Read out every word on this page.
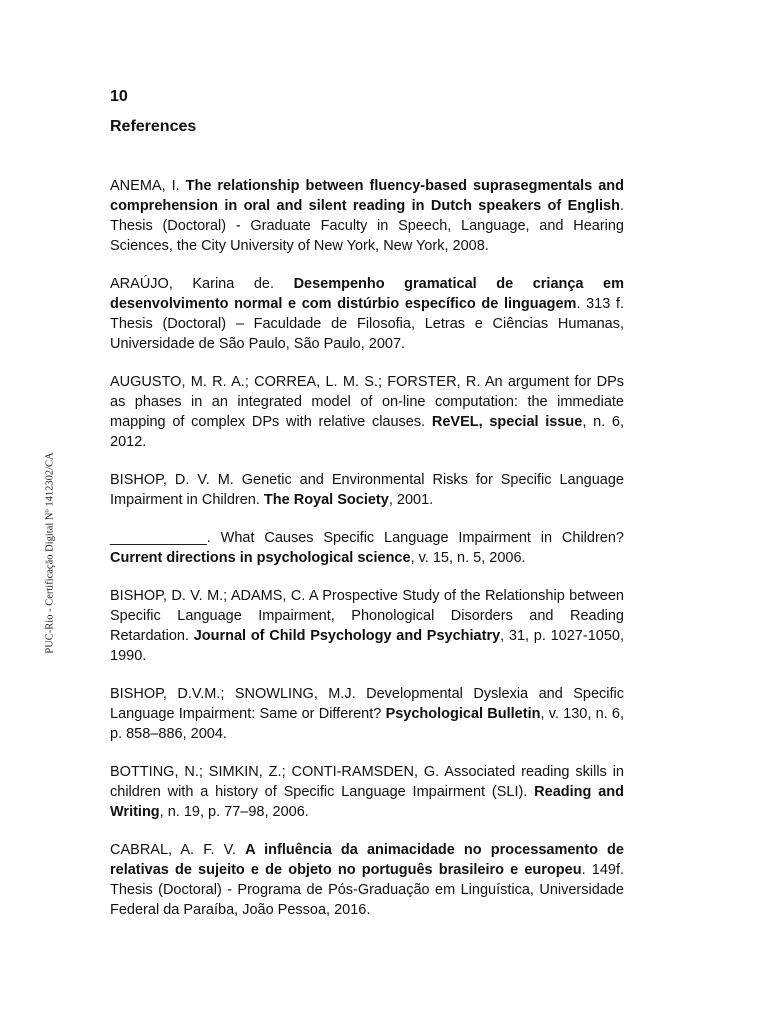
PUC-Rio - Certificação Digital Nº 1412302/CA
10
References

ANEMA, I. The relationship between fluency-based suprasegmentals and comprehension in oral and silent reading in Dutch speakers of English. Thesis (Doctoral) - Graduate Faculty in Speech, Language, and Hearing Sciences, the City University of New York, New York, 2008.

ARAÚJO, Karina de. Desempenho gramatical de criança em desenvolvimento normal e com distúrbio específico de linguagem. 313 f. Thesis (Doctoral) – Faculdade de Filosofia, Letras e Ciências Humanas, Universidade de São Paulo, São Paulo, 2007.

AUGUSTO, M. R. A.; CORREA, L. M. S.; FORSTER, R. An argument for DPs as phases in an integrated model of on-line computation: the immediate mapping of complex DPs with relative clauses. ReVEL, special issue, n. 6, 2012.

BISHOP, D. V. M. Genetic and Environmental Risks for Specific Language Impairment in Children. The Royal Society, 2001.

____________. What Causes Specific Language Impairment in Children? Current directions in psychological science, v. 15, n. 5, 2006.

BISHOP, D. V. M.; ADAMS, C. A Prospective Study of the Relationship between Specific Language Impairment, Phonological Disorders and Reading Retardation. Journal of Child Psychology and Psychiatry, 31, p. 1027-1050, 1990.

BISHOP, D.V.M.; SNOWLING, M.J. Developmental Dyslexia and Specific Language Impairment: Same or Different? Psychological Bulletin, v. 130, n. 6, p. 858–886, 2004.

BOTTING, N.; SIMKIN, Z.; CONTI-RAMSDEN, G. Associated reading skills in children with a history of Specific Language Impairment (SLI). Reading and Writing, n. 19, p. 77–98, 2006.

CABRAL, A. F. V. A influência da animacidade no processamento de relativas de sujeito e de objeto no português brasileiro e europeu. 149f. Thesis (Doctoral) - Programa de Pós-Graduação em Linguística, Universidade Federal da Paraíba, João Pessoa, 2016.
